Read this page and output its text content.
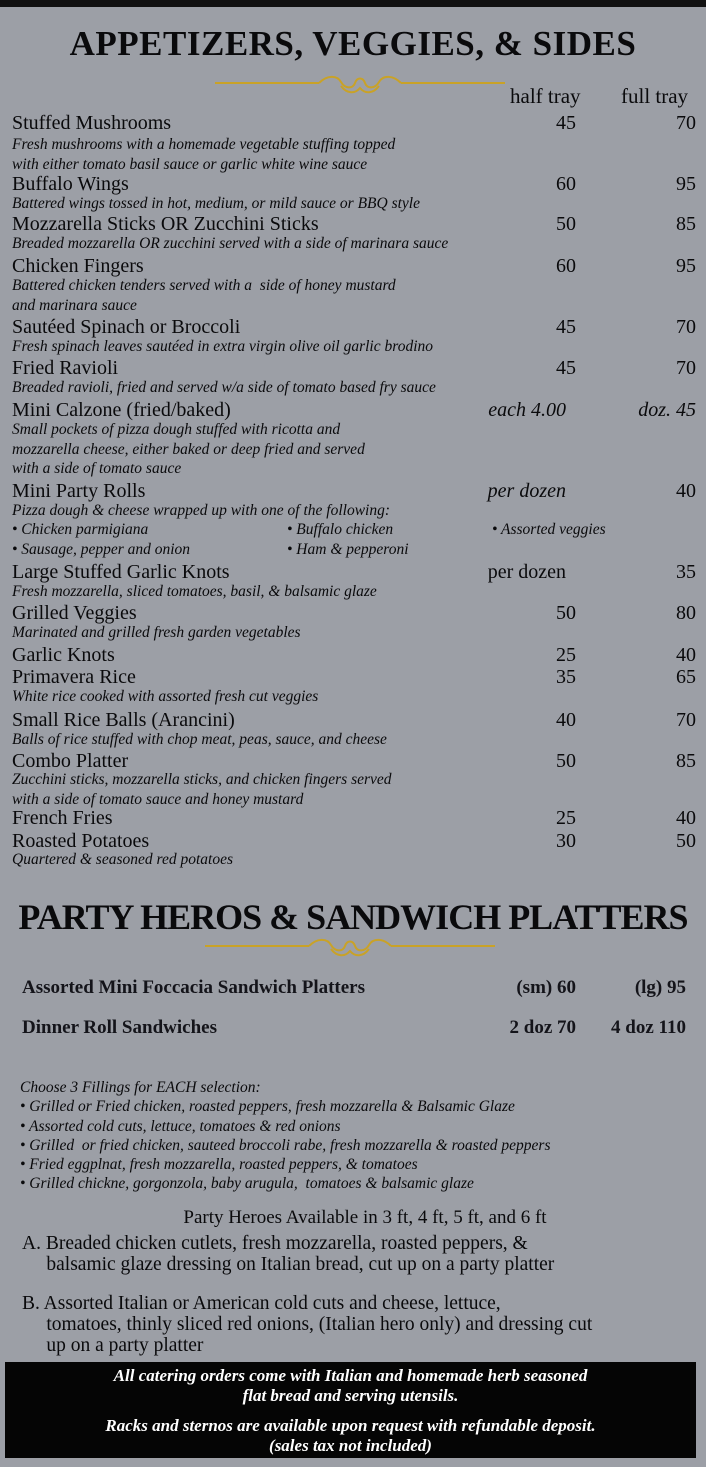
APPETIZERS, VEGGIES, & SIDES
half tray full tray
Stuffed Mushrooms
Fresh mushrooms with a homemade vegetable stuffing topped
with either tomato basil sauce or garlic white wine sauce
45	70
Buffalo Wings
Battered wings tossed in hot, medium, or mild sauce or BBQ style
60	95
Mozzarella Sticks OR Zucchini Sticks
Breaded mozzarella OR zucchini served with a side of marinara sauce
50	85
Chicken Fingers
Battered chicken tenders served with a  side of honey mustard
and marinara sauce
60	95
Sautéed Spinach or Broccoli
Fresh spinach leaves sautéed in extra virgin olive oil garlic brodino
45	70
Fried Ravioli
Breaded ravioli, fried and served w/a side of tomato based fry sauce
45	70
Mini Calzone (fried/baked)
Small pockets of pizza dough stuffed with ricotta and
mozzarella cheese, either baked or deep fried and served
with a side of tomato sauce
each 4.00	doz. 45
Mini Party Rolls
Pizza dough & cheese wrapped up with one of the following:
per dozen	40
• Chicken parmigiana	• Buffalo chicken	• Assorted veggies
• Sausage, pepper and onion	• Ham & pepperoni
Large Stuffed Garlic Knots
Fresh mozzarella, sliced tomatoes, basil, & balsamic glaze
per dozen	35
Grilled Veggies
Marinated and grilled fresh garden vegetables
50	80
Garlic Knots	25	40
Primavera Rice
White rice cooked with assorted fresh cut veggies
35	65
Small Rice Balls (Arancini)
Balls of rice stuffed with chop meat, peas, sauce, and cheese
40	70
Combo Platter
Zucchini sticks, mozzarella sticks, and chicken fingers served
with a side of tomato sauce and honey mustard
50	85
French Fries	25	40
Roasted Potatoes
Quartered & seasoned red potatoes
30	50
PARTY HEROS & SANDWICH PLATTERS
Assorted Mini Foccacia Sandwich Platters	(sm) 60	(lg) 95
Dinner Roll Sandwiches	2 doz 70 4 doz 110
Choose 3 Fillings for EACH selection:
• Grilled or Fried chicken, roasted peppers, fresh mozzarella & Balsamic Glaze
• Assorted cold cuts, lettuce, tomatoes & red onions
• Grilled  or fried chicken, sauteed broccoli rabe, fresh mozzarella & roasted peppers
• Fried eggplnat, fresh mozzarella, roasted peppers, & tomatoes
• Grilled chickne, gorgonzola, baby arugula,  tomatoes & balsamic glaze
Party Heroes Available in 3 ft, 4 ft, 5 ft, and 6 ft
A. Breaded chicken cutlets, fresh mozzarella, roasted peppers, &
balsamic glaze dressing on Italian bread, cut up on a party platter
B. Assorted Italian or American cold cuts and cheese, lettuce,
tomatoes, thinly sliced red onions, (Italian hero only) and dressing cut
up on a party platter
All catering orders come with Italian and homemade herb seasoned
flat bread and serving utensils.
Racks and sternos are available upon request with refundable deposit.
(sales tax not included)
